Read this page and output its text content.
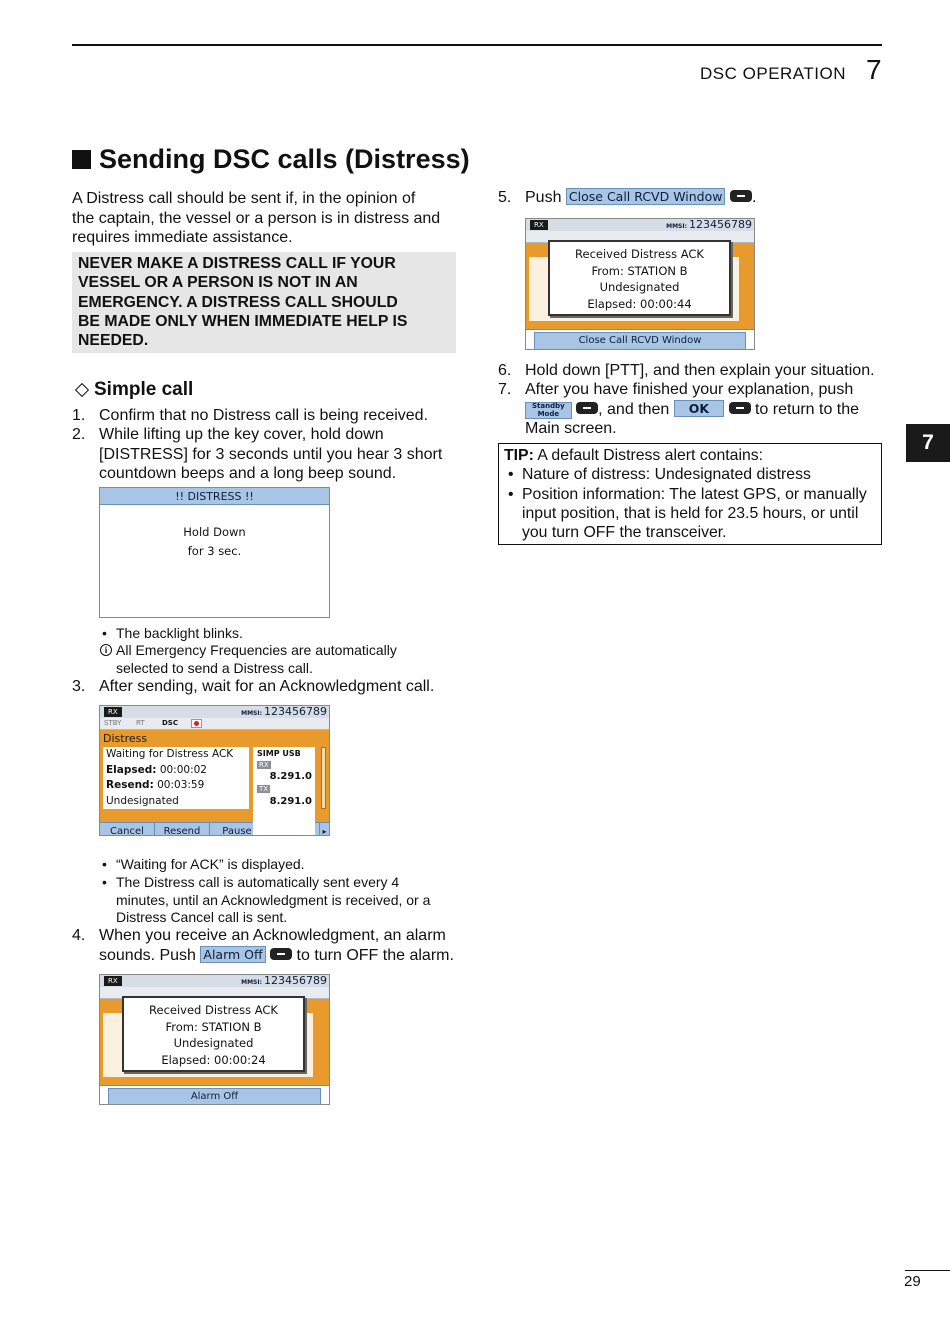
DSC OPERATION 7
Sending DSC calls (Distress)
A Distress call should be sent if, in the opinion of
the captain, the vessel or a person is in distress and
requires immediate assistance.
NEVER MAKE A DISTRESS CALL IF YOUR
VESSEL OR A PERSON IS NOT IN AN
EMERGENCY. A DISTRESS CALL SHOULD
BE MADE ONLY WHEN IMMEDIATE HELP IS
NEEDED.
Simple call
1. Confirm that no Distress call is being received.
2. While lifting up the key cover, hold down
[DISTRESS] for 3 seconds until you hear 3 short
countdown beeps and a long beep sound.
!! DISTRESS !!
Hold Down
for 3 sec.
• The backlight blinks.
i All Emergency Frequencies are automatically
selected to send a Distress call.
3. After sending, wait for an Acknowledgment call.
RX	MMSI: 123456789
STBY RT DSC
Distress
Waiting for Distress ACK
Elapsed: 00:00:02
Resend: 00:03:59
Undesignated
SIMP USB
RX
8.291.0
TX
8.291.0
Cancel	Resend	Pause	▸
• “Waiting for ACK” is displayed.
• The Distress call is automatically sent every 4
minutes, until an Acknowledgment is received, or a
Distress Cancel call is sent.
4. When you receive an Acknowledgment, an alarm
sounds. Push Alarm Off to turn OFF the alarm.
RX	MMSI: 123456789
Received Distress ACK
From: STATION B
Undesignated
Elapsed: 00:00:24
Alarm Off
5. Push Close Call RCVD Window .
RX	MMSI: 123456789
Received Distress ACK
From: STATION B
Undesignated
Elapsed: 00:00:44
Close Call RCVD Window
6. Hold down [PTT], and then explain your situation.
7. After you have finished your explanation, push
Standby
Mode	, and then OK	to return to the
Main screen.
TIP: A default Distress alert contains:
• Nature of distress: Undesignated distress
• Position information: The latest GPS, or manually
input position, that is held for 23.5 hours, or until
you turn OFF the transceiver.
7
29
